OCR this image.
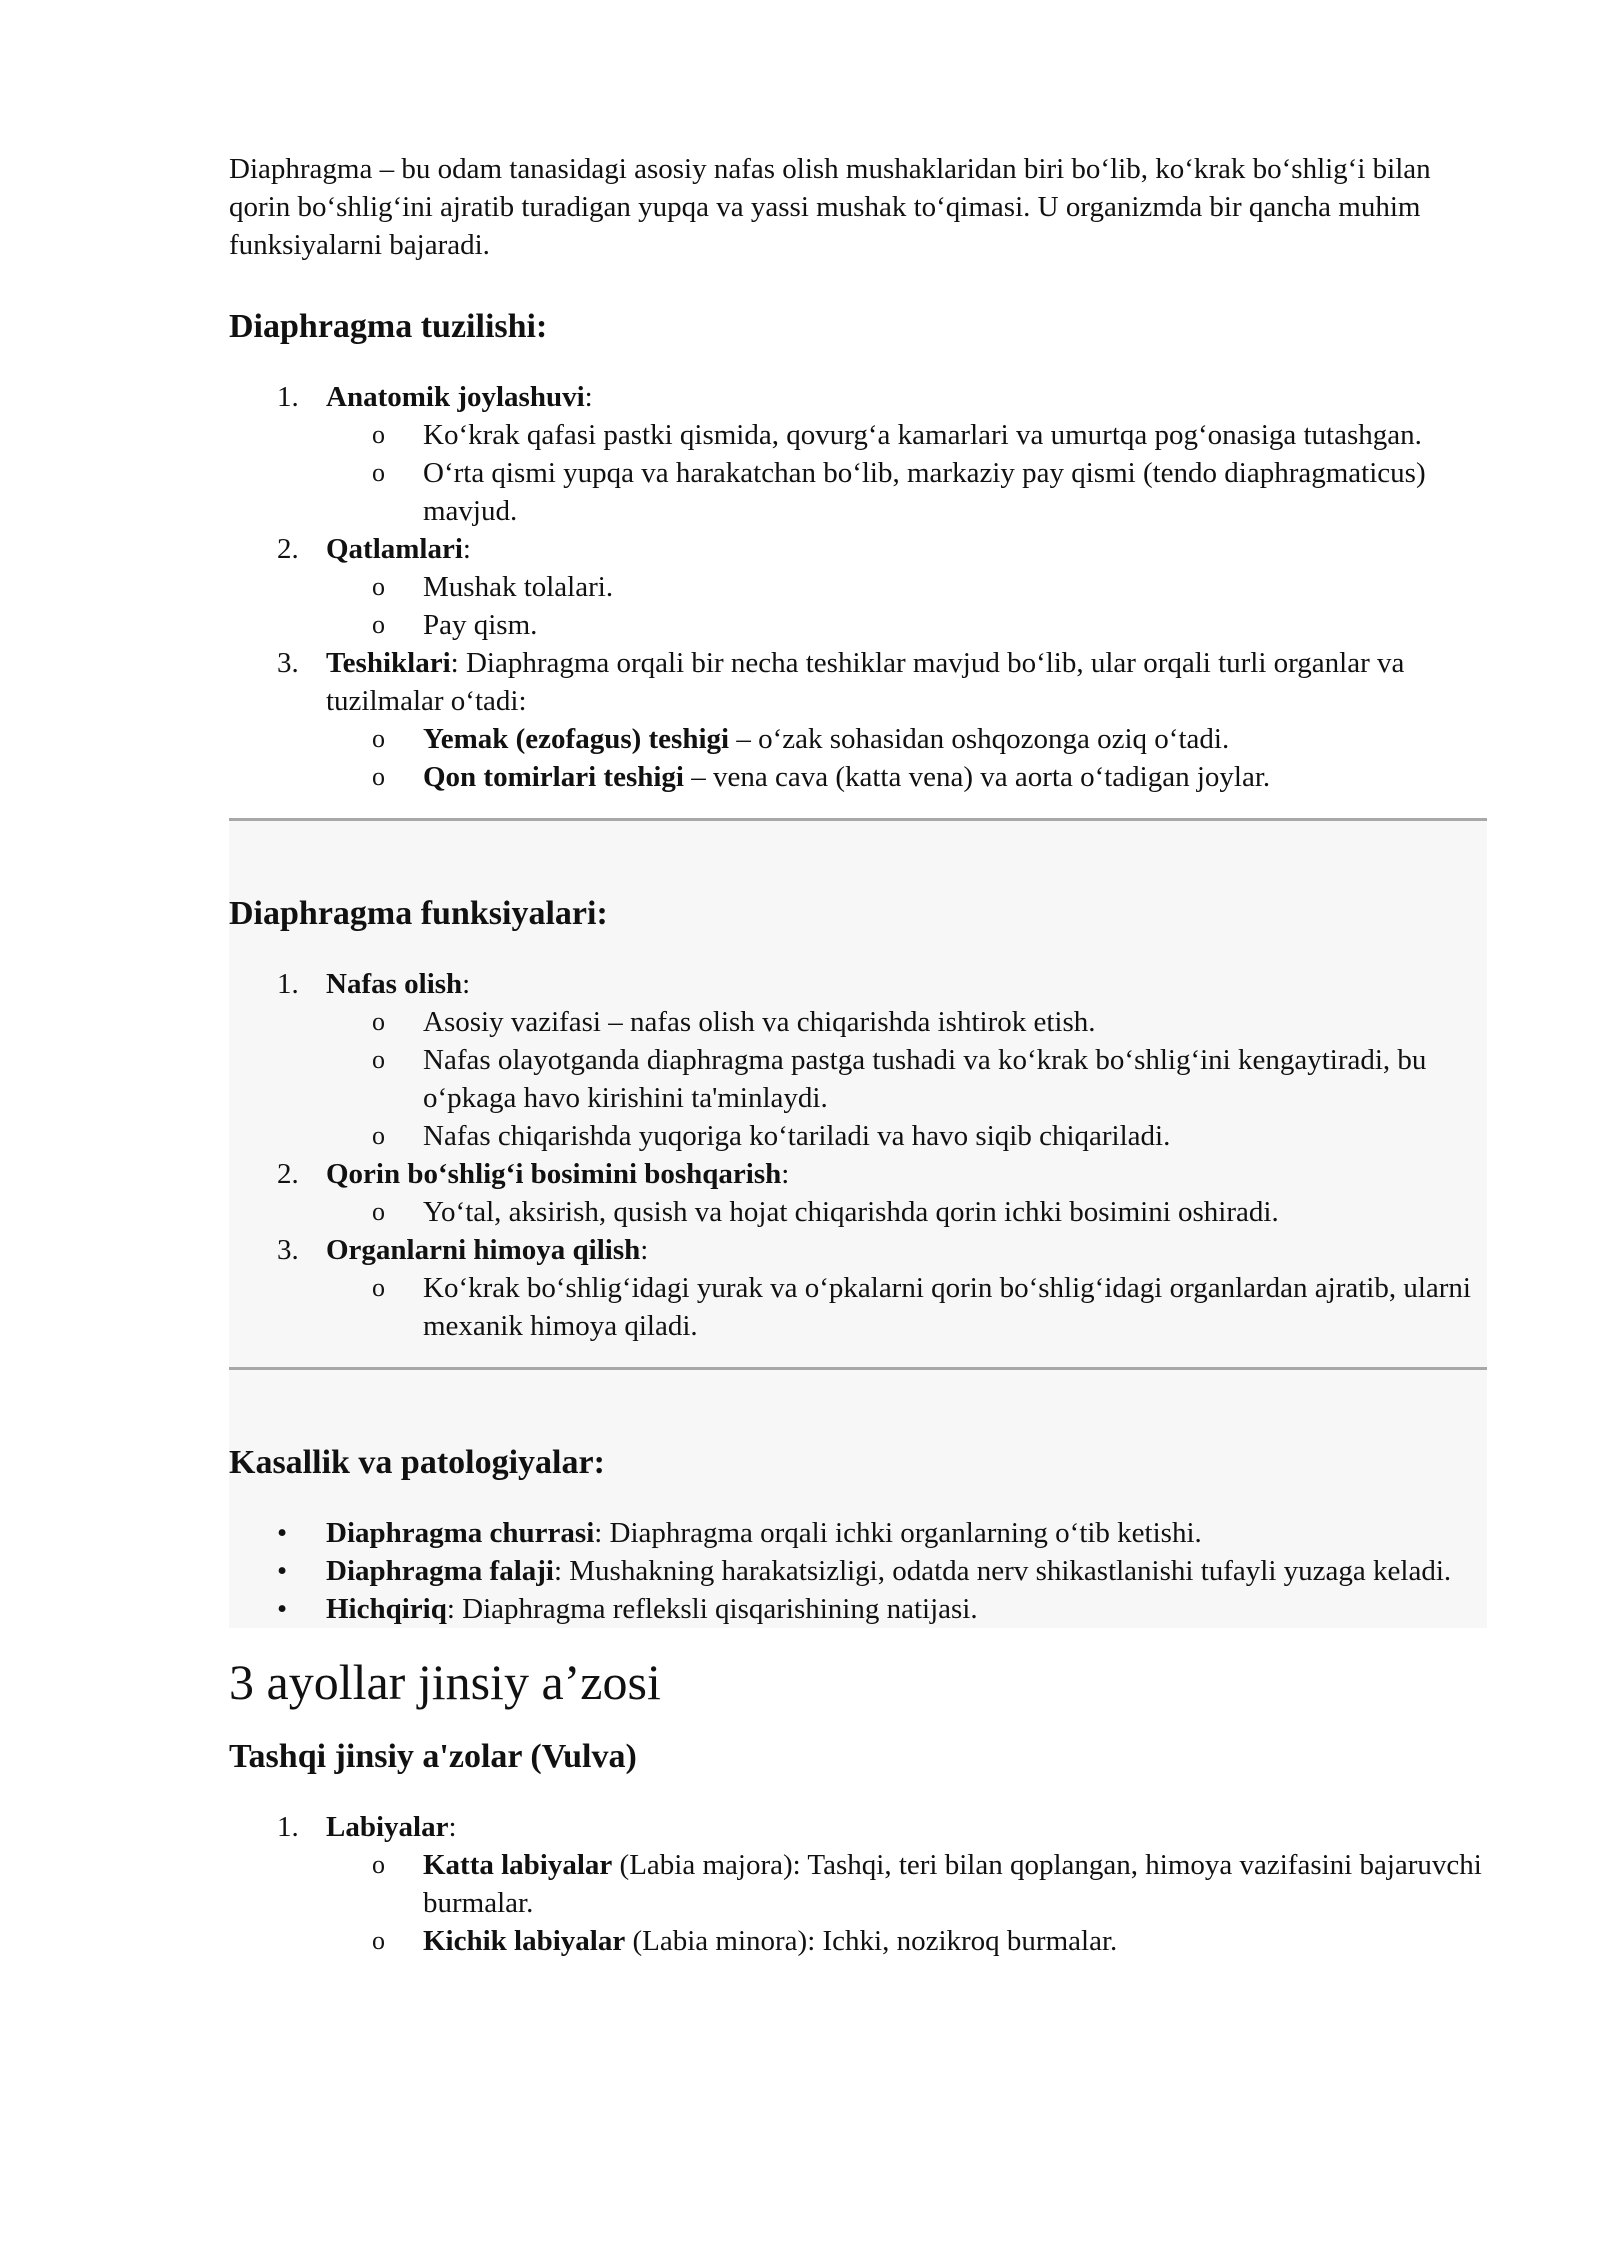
Diaphragma – bu odam tanasidagi asosiy nafas olish mushaklaridan biri bo‘lib, ko‘krak bo‘shlig‘i bilan qorin bo‘shlig‘ini ajratib turadigan yupqa va yassi mushak to‘qimasi. U organizmda bir qancha muhim funksiyalarni bajaradi.

Diaphragma tuzilishi:
1. Anatomik joylashuvi:
o Ko‘krak qafasi pastki qismida, qovurg‘a kamarlari va umurtqa pog‘onasiga tutashgan.
o O‘rta qismi yupqa va harakatchan bo‘lib, markaziy pay qismi (tendo diaphragmaticus) mavjud.
2. Qatlamlari:
o Mushak tolalari.
o Pay qism.
3. Teshiklari: Diaphragma orqali bir necha teshiklar mavjud bo‘lib, ular orqali turli organlar va tuzilmalar o‘tadi:
o Yemak (ezofagus) teshigi – o‘zak sohasidan oshqozonga oziq o‘tadi.
o Qon tomirlari teshigi – vena cava (katta vena) va aorta o‘tadigan joylar.
Diaphragma funksiyalari:
1. Nafas olish:
o Asosiy vazifasi – nafas olish va chiqarishda ishtirok etish.
o Nafas olayotganda diaphragma pastga tushadi va ko‘krak bo‘shlig‘ini kengaytiradi, bu o‘pkaga havo kirishini ta'minlaydi.
o Nafas chiqarishda yuqoriga ko‘tariladi va havo siqib chiqariladi.
2. Qorin bo‘shlig‘i bosimini boshqarish:
o Yo‘tal, aksirish, qusish va hojat chiqarishda qorin ichki bosimini oshiradi.
3. Organlarni himoya qilish:
o Ko‘krak bo‘shlig‘idagi yurak va o‘pkalarni qorin bo‘shlig‘idagi organlardan ajratib, ularni mexanik himoya qiladi.
Kasallik va patologiyalar:
• Diaphragma churrasi: Diaphragma orqali ichki organlarning o‘tib ketishi.
• Diaphragma falaji: Mushakning harakatsizligi, odatda nerv shikastlanishi tufayli yuzaga keladi.
• Hichqiriq: Diaphragma refleksli qisqarishining natijasi.
3 ayollar jinsiy a’zosi
Tashqi jinsiy a'zolar (Vulva)
1. Labiyalar:
o Katta labiyalar (Labia majora): Tashqi, teri bilan qoplangan, himoya vazifasini bajaruvchi burmalar.
o Kichik labiyalar (Labia minora): Ichki, nozikroq burmalar.
